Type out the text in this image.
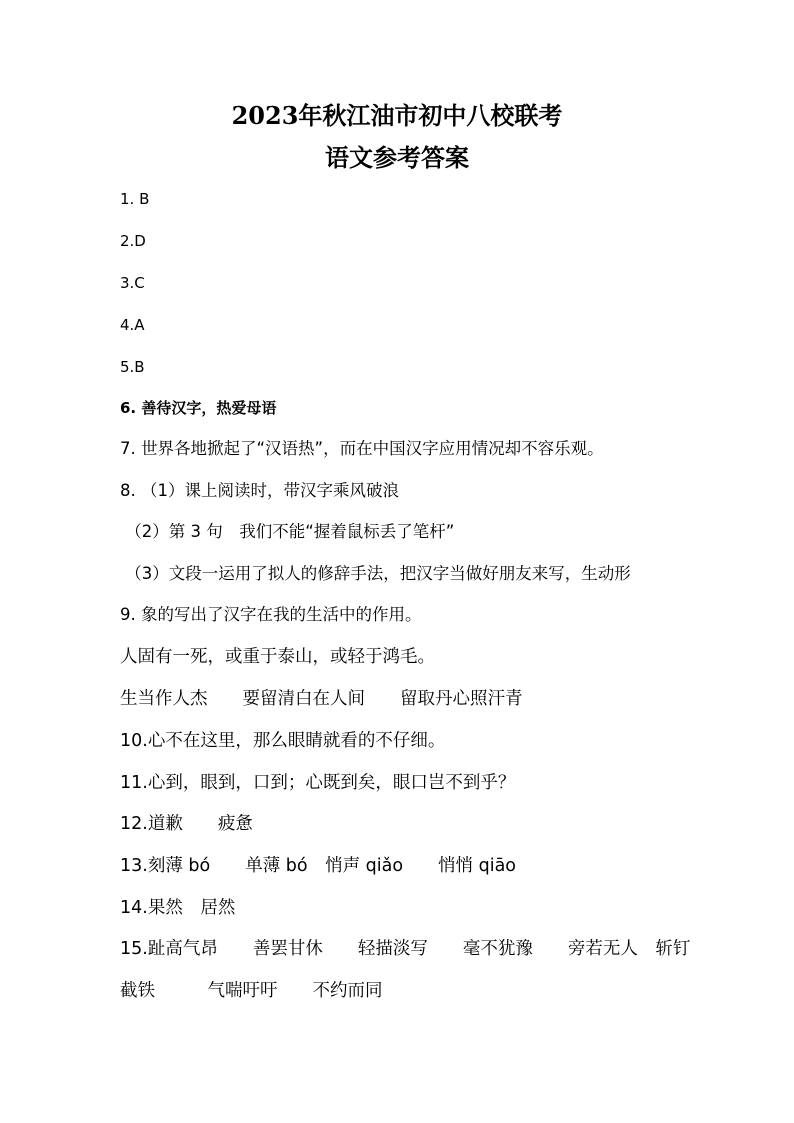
2023年秋江油市初中八校联考
语文参考答案
1. B
2.D
3.C
4.A
5.B
6. 善待汉字，热爱母语
7. 世界各地掀起了“汉语热”，而在中国汉字应用情况却不容乐观。
8. （1）课上阅读时，带汉字乘风破浪
（2）第 3 句　我们不能“握着鼠标丢了笔杆”
（3）文段一运用了拟人的修辞手法，把汉字当做好朋友来写，生动形
9. 象的写出了汉字在我的生活中的作用。
人固有一死，或重于泰山，或轻于鸿毛。
生当作人杰　　要留清白在人间　　留取丹心照汗青
10.心不在这里，那么眼睛就看的不仔细。
11.心到，眼到，口到；心既到矣，眼口岂不到乎？
12.道歉　　疲惫
13.刻薄 bó　　单薄 bó　悄声 qiǎo　　悄悄 qiāo
14.果然　居然
15.趾高气昂　　善罢甘休　　轻描淡写　　毫不犹豫　　旁若无人　斩钉
截铁　　　气喘吁吁　　不约而同
